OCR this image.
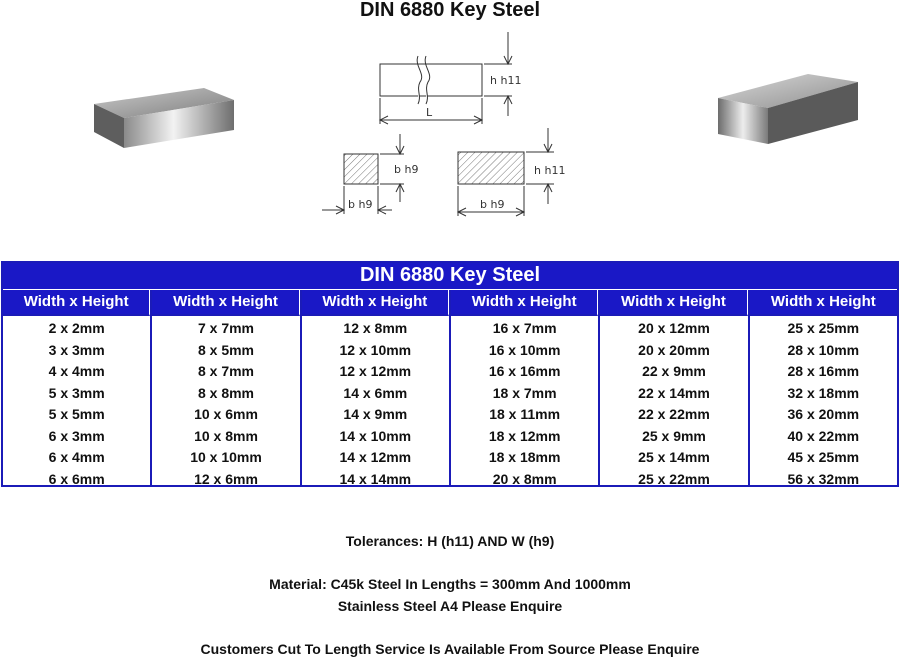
DIN 6880 Key Steel
h h11
L
b h9
b h9
h h11
b h9
DIN 6880 Key Steel
Width x Height
2 x 2mm
3 x 3mm
4 x 4mm
5 x 3mm
5 x 5mm
6 x 3mm
6 x 4mm
6 x 6mm
Width x Height
7 x 7mm
8 x 5mm
8 x 7mm
8 x 8mm
10 x 6mm
10 x 8mm
10 x 10mm
12 x 6mm
Width x Height
12 x 8mm
12 x 10mm
12 x 12mm
14 x 6mm
14 x 9mm
14 x 10mm
14 x 12mm
14 x 14mm
Width x Height
16 x 7mm
16 x 10mm
16 x 16mm
18 x 7mm
18 x 11mm
18 x 12mm
18 x 18mm
20 x 8mm
Width x Height
20 x 12mm
20 x 20mm
22 x 9mm
22 x 14mm
22 x 22mm
25 x 9mm
25 x 14mm
25 x 22mm
Width x Height
25 x 25mm
28 x 10mm
28 x 16mm
32 x 18mm
36 x 20mm
40 x 22mm
45 x 25mm
56 x 32mm
Tolerances: H (h11) AND W (h9)
Material: C45k Steel In Lengths = 300mm And 1000mm
Stainless Steel A4 Please Enquire
Customers Cut To Length Service Is Available From Source Please Enquire
